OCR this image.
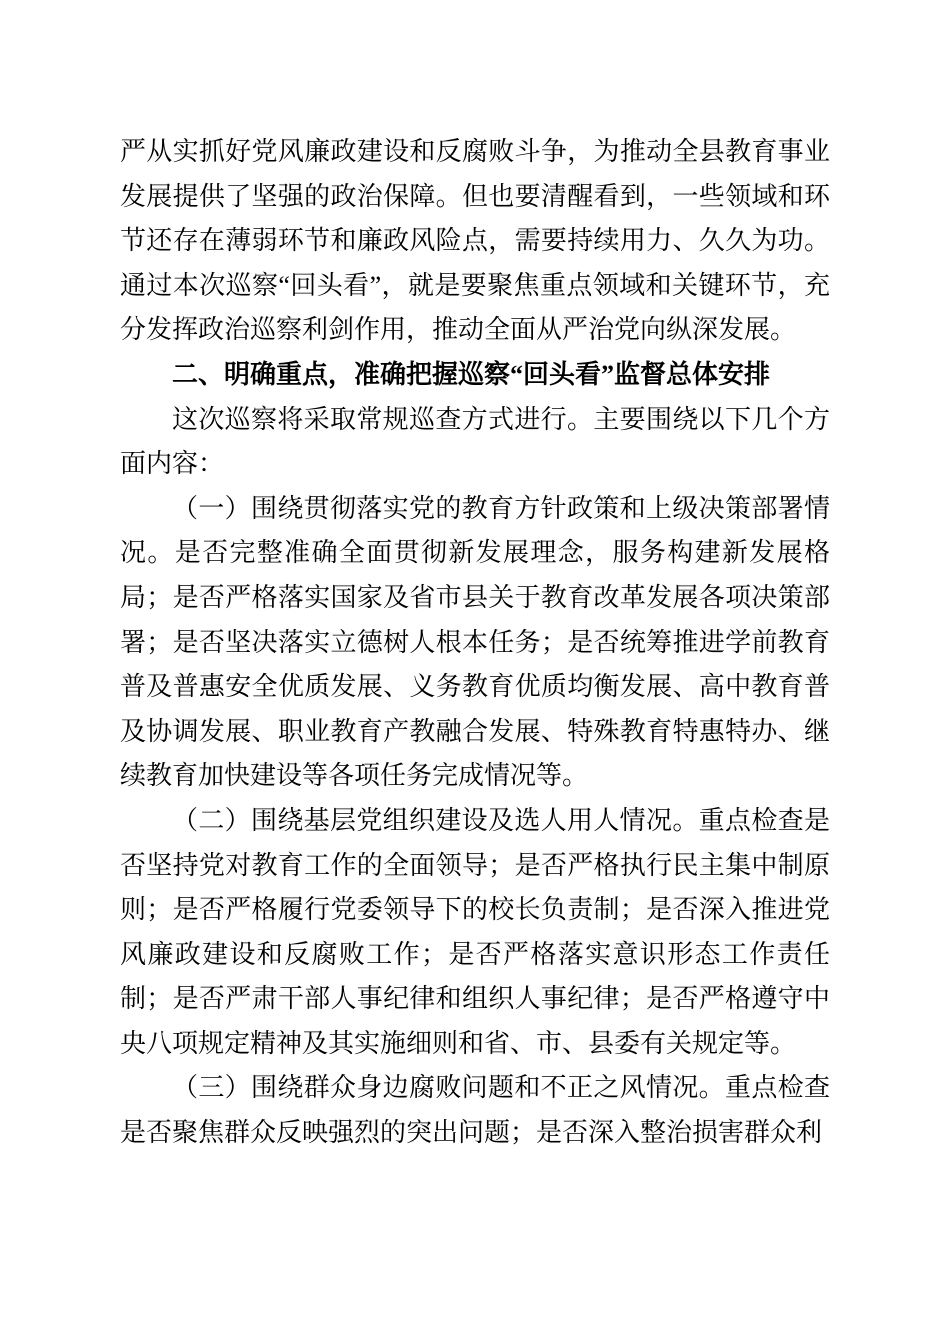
严从实抓好党风廉政建设和反腐败斗争，为推动全县教育事业发展提供了坚强的政治保障。但也要清醒看到，一些领域和环节还存在薄弱环节和廉政风险点，需要持续用力、久久为功。通过本次巡察“回头看”，就是要聚焦重点领域和关键环节，充分发挥政治巡察利剑作用，推动全面从严治党向纵深发展。

二、明确重点，准确把握巡察“回头看”监督总体安排

这次巡察将采取常规巡查方式进行。主要围绕以下几个方面内容：

（一）围绕贯彻落实党的教育方针政策和上级决策部署情况。是否完整准确全面贯彻新发展理念，服务构建新发展格局；是否严格落实国家及省市县关于教育改革发展各项决策部署；是否坚决落实立德树人根本任务；是否统筹推进学前教育普及普惠安全优质发展、义务教育优质均衡发展、高中教育普及协调发展、职业教育产教融合发展、特殊教育特惠特办、继续教育加快建设等各项任务完成情况等。

（二）围绕基层党组织建设及选人用人情况。重点检查是否坚持党对教育工作的全面领导；是否严格执行民主集中制原则；是否严格履行党委领导下的校长负责制；是否深入推进党风廉政建设和反腐败工作；是否严格落实意识形态工作责任制；是否严肃干部人事纪律和组织人事纪律；是否严格遵守中央八项规定精神及其实施细则和省、市、县委有关规定等。

（三）围绕群众身边腐败问题和不正之风情况。重点检查是否聚焦群众反映强烈的突出问题；是否深入整治损害群众利
